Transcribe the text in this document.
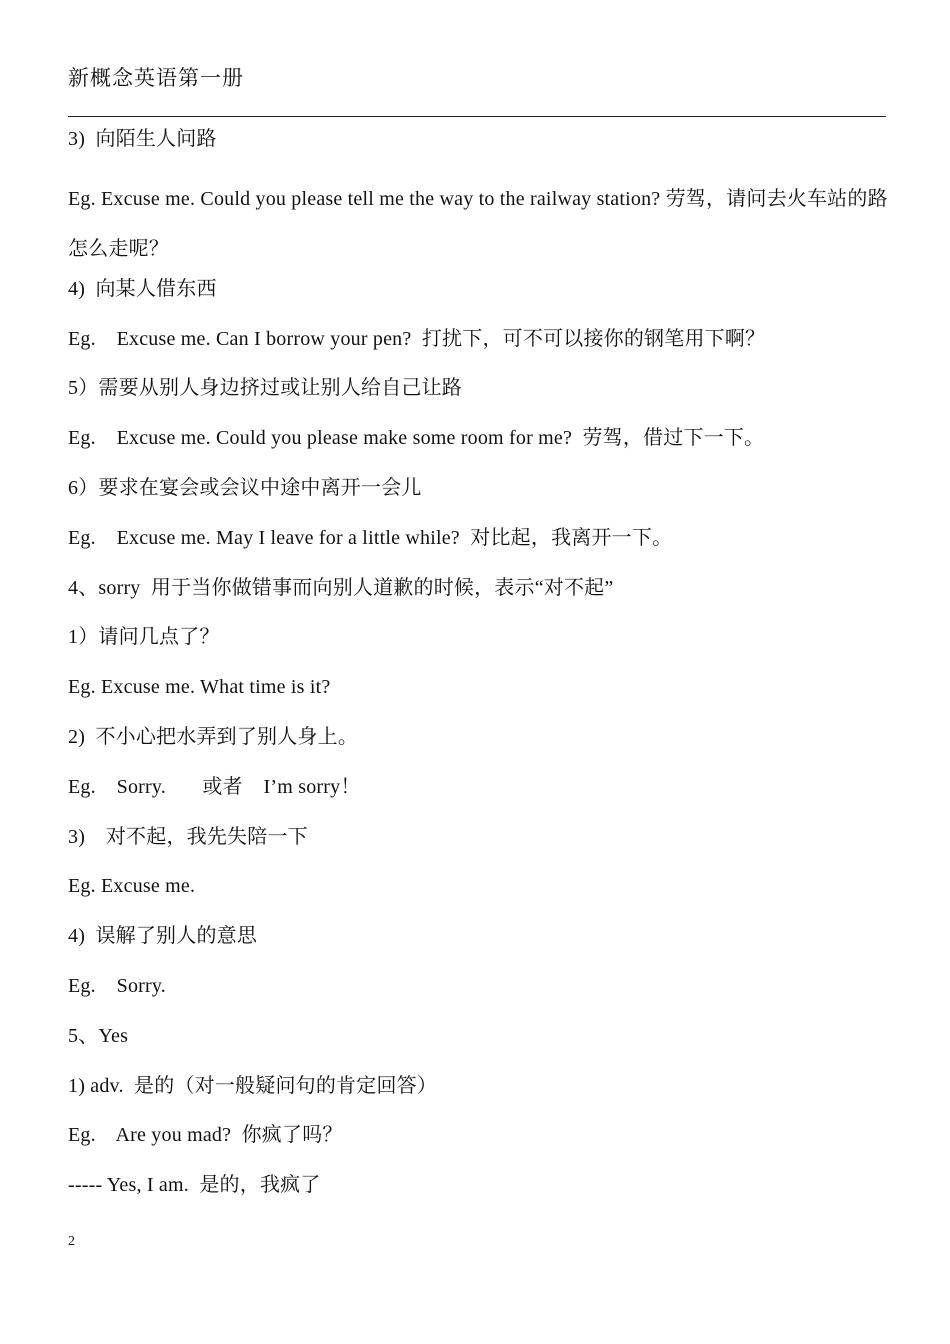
新概念英语第一册
3)  向陌生人问路
Eg. Excuse me. Could you please tell me the way to the railway station? 劳驾，请问去火车站的路怎么走呢？
4)  向某人借东西
Eg.    Excuse me. Can I borrow your pen?  打扰下，可不可以接你的钢笔用下啊？
5）需要从别人身边挤过或让别人给自己让路
Eg.    Excuse me. Could you please make some room for me?  劳驾，借过下一下。
6）要求在宴会或会议中途中离开一会儿
Eg.    Excuse me. May I leave for a little while?  对比起，我离开一下。
4、sorry  用于当你做错事而向别人道歉的时候，表示“对不起”
1）请问几点了？
Eg. Excuse me. What time is it?
2)  不小心把水弄到了别人身上。
Eg.    Sorry.       或者    I’m sorry！
3)    对不起，我先失陪一下
Eg. Excuse me.
4)  误解了别人的意思
Eg.    Sorry.
5、Yes
1) adv.  是的（对一般疑问句的肯定回答）
Eg.    Are you mad?  你疯了吗？
----- Yes, I am.  是的，我疯了
2
